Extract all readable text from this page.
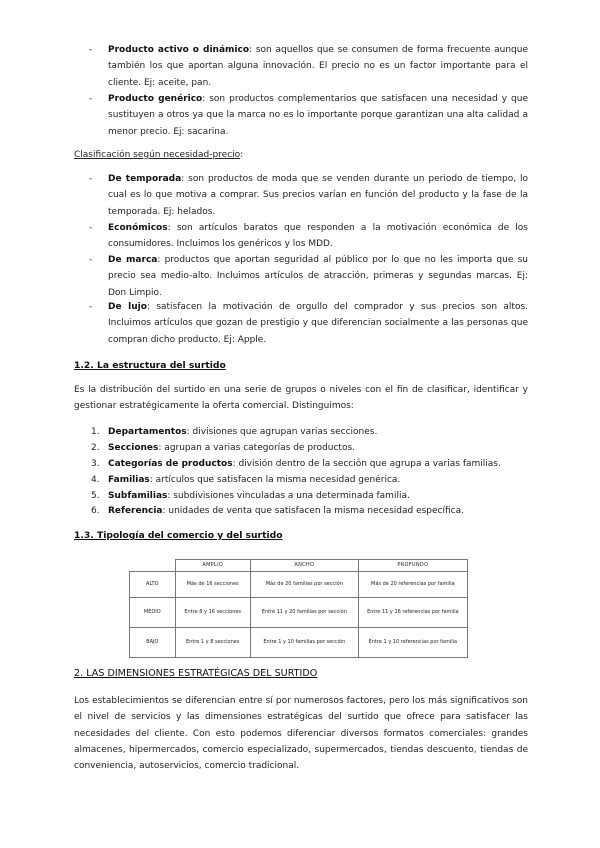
- Producto activo o dinámico: son aquellos que se consumen de forma frecuente aunque también los que aportan alguna innovación. El precio no es un factor importante para el cliente. Ej: aceite, pan.
- Producto genérico: son productos complementarios que satisfacen una necesidad y que sustituyen a otros ya que la marca no es lo importante porque garantizan una alta calidad a menor precio. Ej: sacarina.
Clasificación según necesidad-precio:
- De temporada: son productos de moda que se venden durante un periodo de tiempo, lo cual es lo que motiva a comprar. Sus precios varían en función del producto y la fase de la temporada. Ej: helados.
- Económicos: son artículos baratos que responden a la motivación económica de los consumidores. Incluimos los genéricos y los MDD.
- De marca: productos que aportan seguridad al público por lo que no les importa que su precio sea medio-alto. Incluimos artículos de atracción, primeras y segundas marcas. Ej: Don Limpio.
- De lujo: satisfacen la motivación de orgullo del comprador y sus precios son altos. Incluimos artículos que gozan de prestigio y que diferencian socialmente a las personas que compran dicho producto. Ej: Apple.
1.2. La estructura del surtido
Es la distribución del surtido en una serie de grupos o niveles con el fin de clasificar, identificar y gestionar estratégicamente la oferta comercial. Distinguimos:
1. Departamentos: divisiones que agrupan varias secciones.
2. Secciones: agrupan a varias categorías de productos.
3. Categorías de productos: división dentro de la sección que agrupa a varias familias.
4. Familias: artículos que satisfacen la misma necesidad genérica.
5. Subfamilias: subdivisiones vinculadas a una determinada familia.
6. Referencia: unidades de venta que satisfacen la misma necesidad específica.
1.3. Tipología del comercio y del surtido
	AMPLIO	ANCHO	PROFUNDO
ALTO	Más de 16 secciones	Más de 20 familias por sección	Más de 20 referencias por familia
MEDIO	Entre 8 y 16 secciones	Entre 11 y 20 familias por sección	Entre 11 y 16 referencias por familia
BAJO	Entre 1 y 8 secciones	Entre 1 y 10 familias por sección	Entre 1 y 10 referencias por familia
2. LAS DIMENSIONES ESTRATÉGICAS DEL SURTIDO
Los establecimientos se diferencian entre sí por numerosos factores, pero los más significativos son el nivel de servicios y las dimensiones estratégicas del surtido que ofrece para satisfacer las necesidades del cliente. Con esto podemos diferenciar diversos formatos comerciales: grandes almacenes, hipermercados, comercio especializado, supermercados, tiendas descuento, tiendas de conveniencia, autoservicios, comercio tradicional.
